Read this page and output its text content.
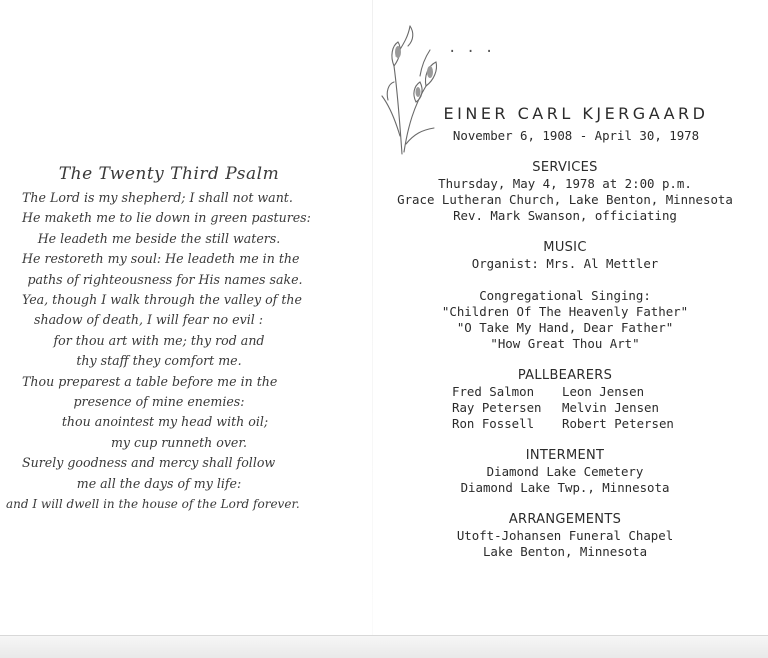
The Twenty Third Psalm
The Lord is my shepherd; I shall not want.
He maketh me to lie down in green pastures:
He leadeth me beside the still waters.
He restoreth my soul: He leadeth me in the
paths of righteousness for His names sake.
Yea, though I walk through the valley of the
shadow of death, I will fear no evil :
for thou art with me; thy rod and
thy staff they comfort me.
Thou preparest a table before me in the
presence of mine enemies:
thou anointest my head with oil;
my cup runneth over.
Surely goodness and mercy shall follow
me all the days of my life:
and I will dwell in the house of the Lord forever.
...
EINER CARL KJERGAARD
November 6, 1908 - April 30, 1978
SERVICES
Thursday, May 4, 1978 at 2:00 p.m.
Grace Lutheran Church, Lake Benton, Minnesota
Rev. Mark Swanson, officiating
MUSIC
Organist: Mrs. Al Mettler
Congregational Singing:
"Children Of The Heavenly Father"
"O Take My Hand, Dear Father"
"How Great Thou Art"
PALLBEARERS
Fred Salmon	Leon Jensen
Ray Petersen	Melvin Jensen
Ron Fossell	Robert Petersen
INTERMENT
Diamond Lake Cemetery
Diamond Lake Twp., Minnesota
ARRANGEMENTS
Utoft-Johansen Funeral Chapel
Lake Benton, Minnesota
